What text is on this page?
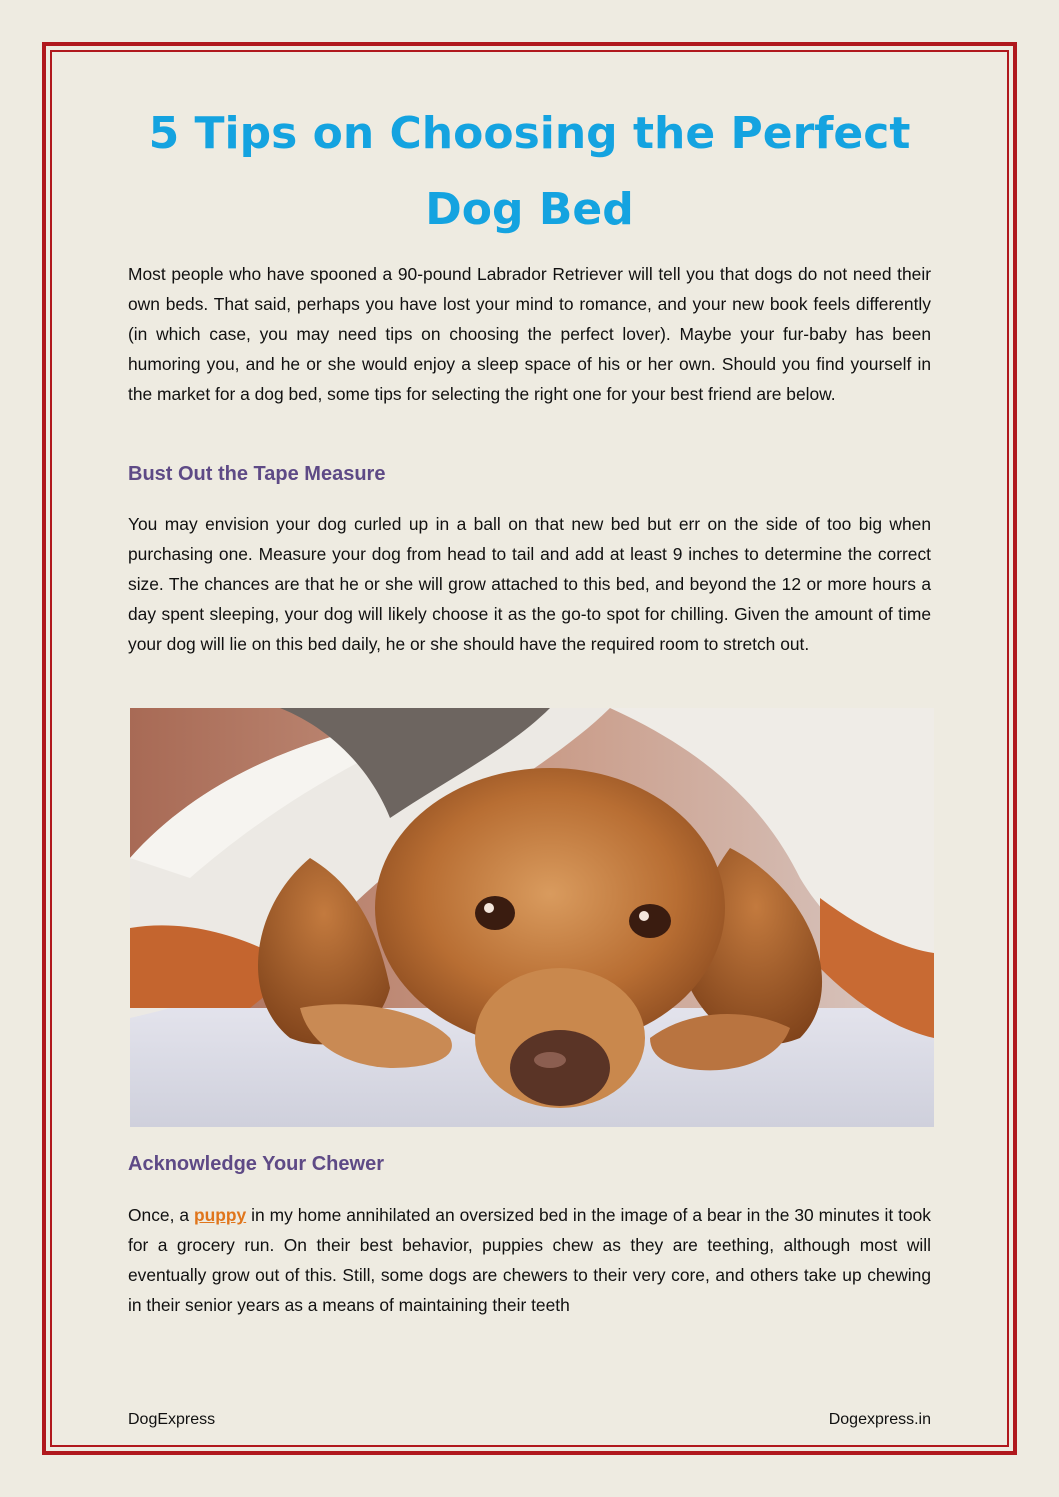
5 Tips on Choosing the Perfect Dog Bed

Most people who have spooned a 90-pound Labrador Retriever will tell you that dogs do not need their own beds. That said, perhaps you have lost your mind to romance, and your new book feels differently (in which case, you may need tips on choosing the perfect lover). Maybe your fur-baby has been humoring you, and he or she would enjoy a sleep space of his or her own. Should you find yourself in the market for a dog bed, some tips for selecting the right one for your best friend are below.

Bust Out the Tape Measure

You may envision your dog curled up in a ball on that new bed but err on the side of too big when purchasing one. Measure your dog from head to tail and add at least 9 inches to determine the correct size. The chances are that he or she will grow attached to this bed, and beyond the 12 or more hours a day spent sleeping, your dog will likely choose it as the go-to spot for chilling. Given the amount of time your dog will lie on this bed daily, he or she should have the required room to stretch out.

Acknowledge Your Chewer

Once, a puppy in my home annihilated an oversized bed in the image of a bear in the 30 minutes it took for a grocery run. On their best behavior, puppies chew as they are teething, although most will eventually grow out of this. Still, some dogs are chewers to their very core, and others take up chewing in their senior years as a means of maintaining their teeth

DogExpress	Dogexpress.in
